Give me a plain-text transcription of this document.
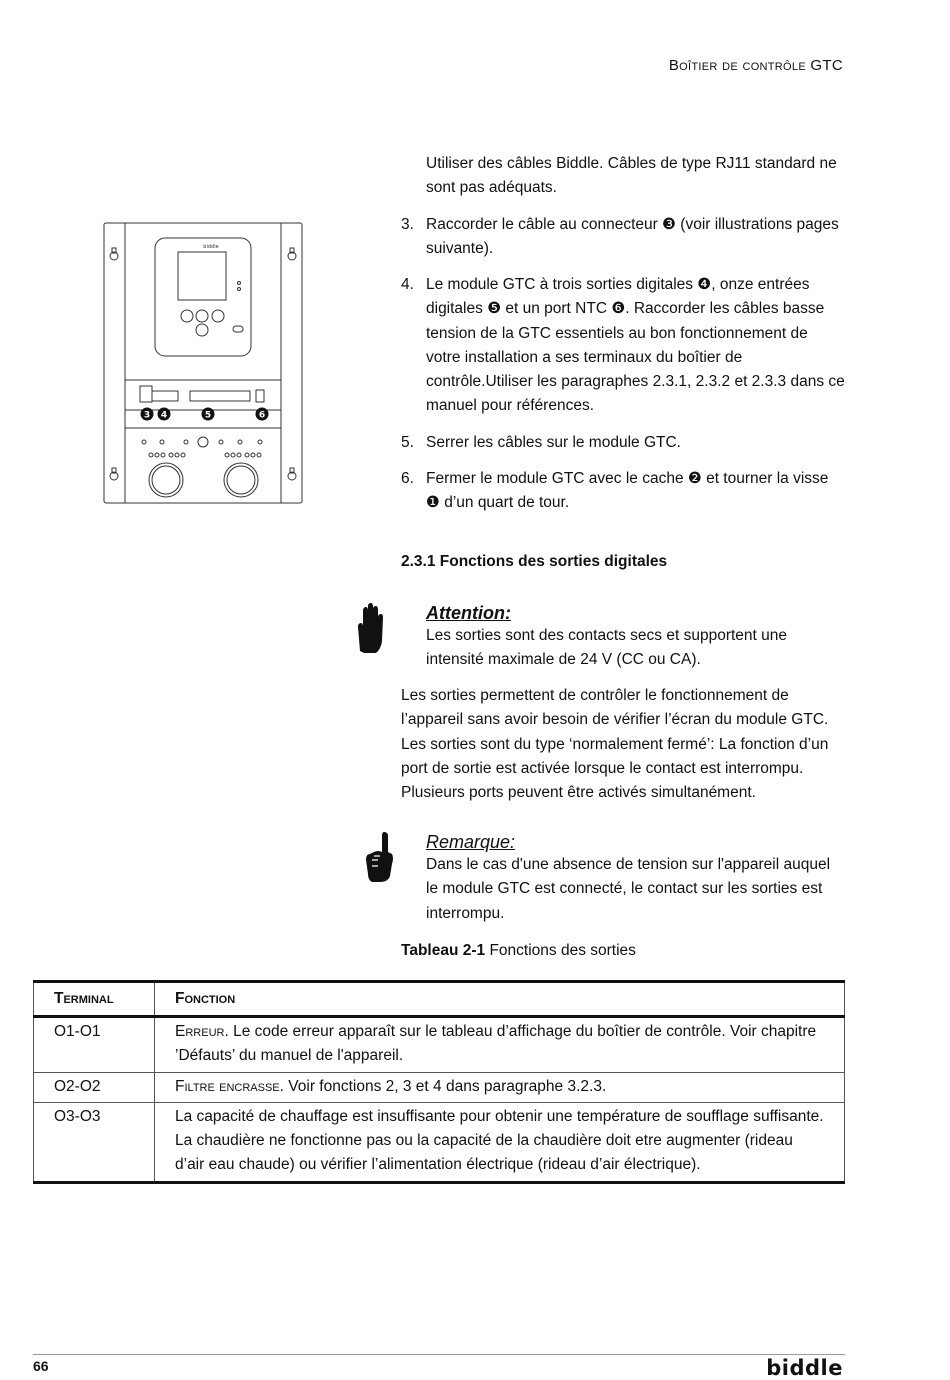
Boîtier de contrôle GTC
3 4	5	6
biddle
Utiliser des câbles Biddle. Câbles de type RJ11 standard ne sont pas adéquats.
3. Raccorder le câble au connecteur ❸ (voir illustrations pages suivante).
4. Le module GTC à trois sorties digitales ❹, onze entrées digitales ❺ et un port NTC ❻. Raccorder les câbles basse tension de la GTC essentiels au bon fonctionnement de votre installation a ses terminaux du boîtier de contrôle.Utiliser les paragraphes 2.3.1, 2.3.2 et 2.3.3 dans ce manuel pour références.
5. Serrer les câbles sur le module GTC.
6. Fermer le module GTC avec le cache ❷ et tourner la visse ❶ d’un quart de tour.
2.3.1 Fonctions des sorties digitales
Attention:
Les sorties sont des contacts secs et supportent une intensité maximale de 24 V (CC ou CA).
Les sorties permettent de contrôler le fonctionnement de l’appareil sans avoir besoin de vérifier l’écran du module GTC. Les sorties sont du type ‘normalement fermé’: La fonction d’un port de sortie est activée lorsque le contact est interrompu. Plusieurs ports peuvent être activés simultanément.
Remarque:
Dans le cas d'une absence de tension sur l'appareil auquel le module GTC est connecté, le contact sur les sorties est interrompu.
Tableau 2-1 Fonctions des sorties
Terminal	Fonction
O1-O1	Erreur. Le code erreur apparaît sur le tableau d’affichage du boîtier de contrôle. Voir chapitre ’Défauts’ du manuel de l'appareil.
O2-O2	Filtre encrasse. Voir fonctions 2, 3 et 4 dans paragraphe 3.2.3.
O3-O3	La capacité de chauffage est insuffisante pour obtenir une température de soufflage suffisante. La chaudière ne fonctionne pas ou la capacité de la chaudière doit etre augmenter (rideau d’air eau chaude) ou vérifier l’alimentation électrique (rideau d’air électrique).
66	biddle
